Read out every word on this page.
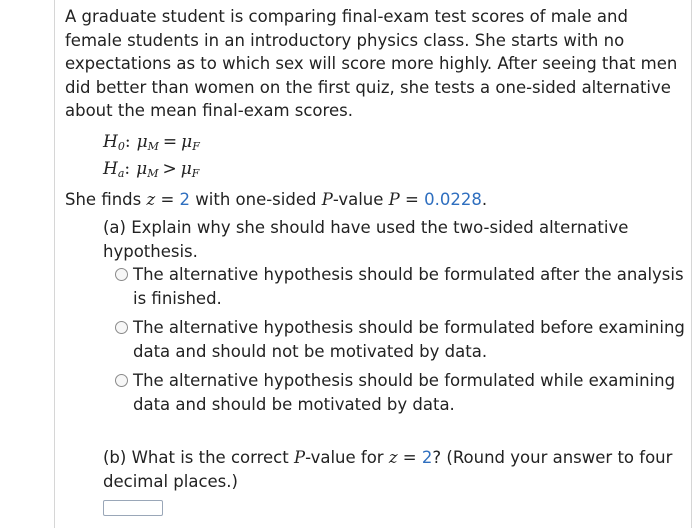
A graduate student is comparing final-exam test scores of male and female students in an introductory physics class. She starts with no expectations as to which sex will score more highly. After seeing that men did better than women on the first quiz, she tests a one-sided alternative about the mean final-exam scores.
$H_0$: $\mu_M = \mu_F$
$H_a$: $\mu_M > \mu_F$
She finds z = 2 with one-sided P-value P = 0.0228.
(a) Explain why she should have used the two-sided alternative hypothesis.
The alternative hypothesis should be formulated after the analysis is finished.
The alternative hypothesis should be formulated before examining data and should not be motivated by data.
The alternative hypothesis should be formulated while examining data and should be motivated by data.
(b) What is the correct P-value for z = 2? (Round your answer to four decimal places.)
